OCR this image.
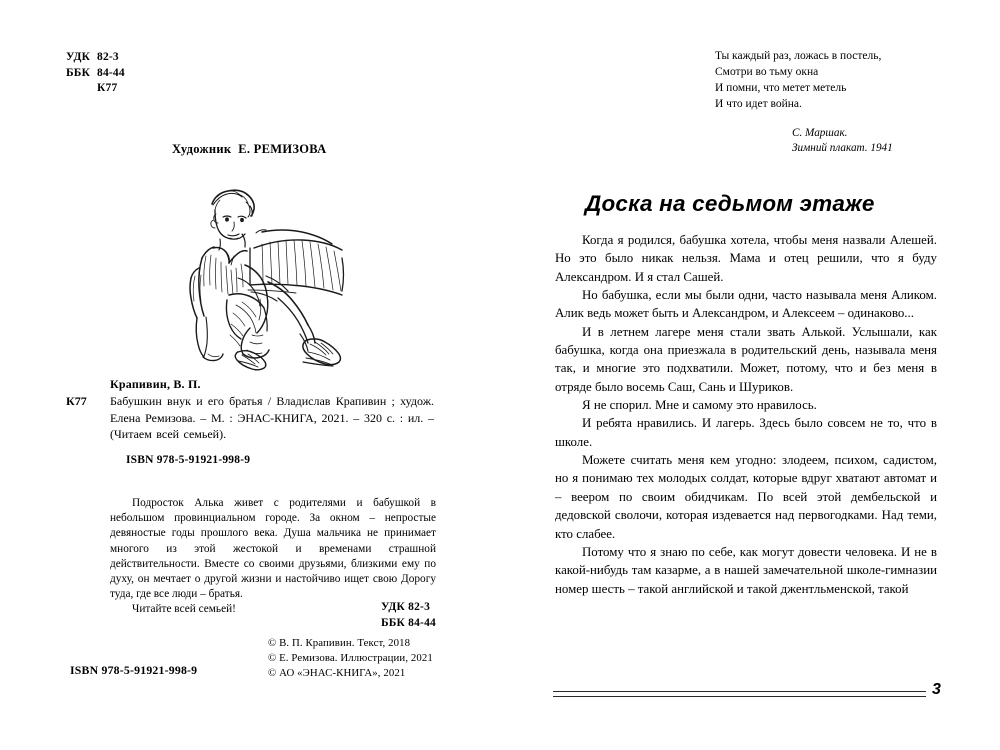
УДК 82-3
ББК 84-44
К77
Художник  Е. РЕМИЗОВА
Крапивин, В. П.
К77 Бабушкин внук и его братья / Владислав Крапивин ; худож. Елена Ремизова. – М. : ЭНАС-КНИГА, 2021. – 320 с. : ил. – (Читаем всей семьей).
ISBN 978-5-91921-998-9

Подросток Алька живет с родителями и бабушкой в небольшом провинциальном городе. За окном – непростые девяностые годы прошлого века. Душа мальчика не принимает многого из этой жестокой и временами страшной действительности. Вместе со своими друзьями, близкими ему по духу, он мечтает о другой жизни и настойчиво ищет свою Дорогу туда, где все люди – братья.

Читайте всей семьей!	УДК 82-3
ББК 84-44
© В. П. Крапивин. Текст, 2018
© Е. Ремизова. Иллюстрации, 2021
© АО «ЭНАС-КНИГА», 2021
ISBN 978-5-91921-998-9
Ты каждый раз, ложась в постель,
Смотри во тьму окна
И помни, что метет метель
И что идет война.
С. Маршак.
Зимний плакат. 1941
Доска на седьмом этаже

Когда я родился, бабушка хотела, чтобы меня назвали Алешей. Но это было никак нельзя. Мама и отец решили, что я буду Александром. И я стал Сашей.

Но бабушка, если мы были одни, часто называла меня Аликом. Алик ведь может быть и Александром, и Алексеем – одинаково...

И в летнем лагере меня стали звать Алькой. Услышали, как бабушка, когда она приезжала в родительский день, называла меня так, и многие это подхватили. Может, потому, что и без меня в отряде было восемь Саш, Сань и Шуриков.

Я не спорил. Мне и самому это нравилось.

И ребята нравились. И лагерь. Здесь было совсем не то, что в школе.

Можете считать меня кем угодно: злодеем, психом, садистом, но я понимаю тех молодых солдат, которые вдруг хватают автомат и – веером по своим обидчикам. По всей этой дембельской и дедовской сволочи, которая издевается над первогодками. Над теми, кто слабее.

Потому что я знаю по себе, как могут довести человека. И не в какой-нибудь там казарме, а в нашей замечательной школе-гимназии номер шесть – такой английской и такой джентльменской, такой

3
